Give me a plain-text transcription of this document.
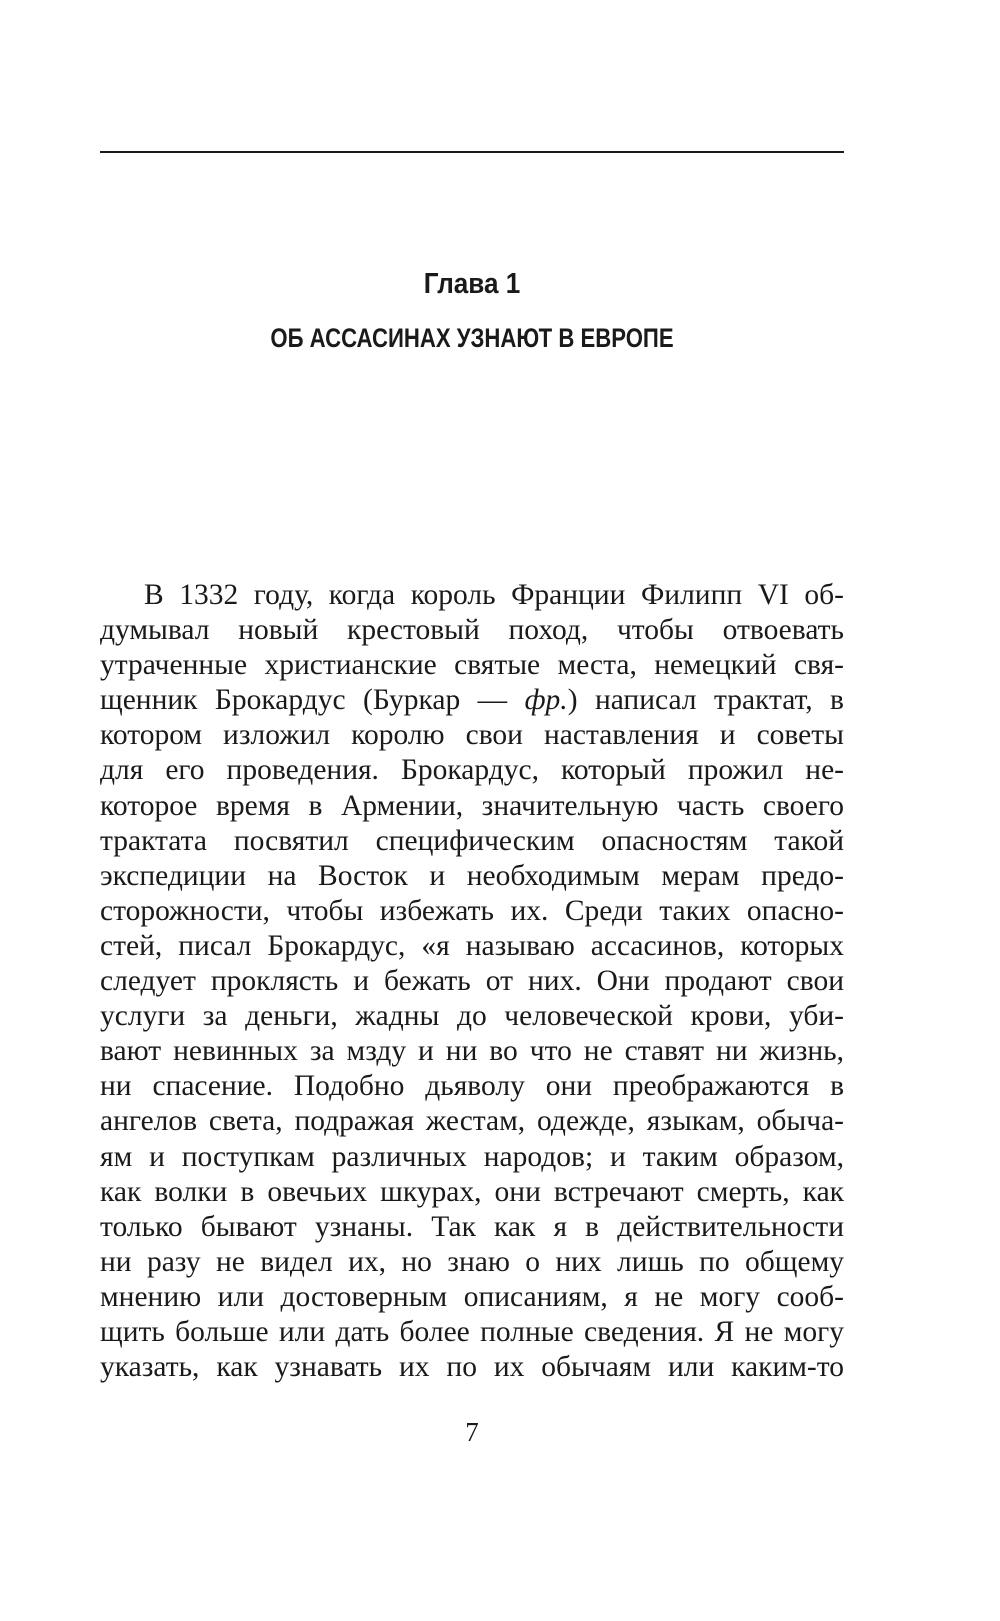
Глава 1
ОБ АССАСИНАХ УЗНАЮТ В ЕВРОПЕ
В 1332 году, когда король Франции Филипп VI об-
думывал новый крестовый поход, чтобы отвоевать
утраченные христианские святые места, немецкий свя-
щенник Брокардус (Буркар — фр.) написал трактат, в
котором изложил королю свои наставления и советы
для его проведения. Брокардус, который прожил не-
которое время в Армении, значительную часть своего
трактата посвятил специфическим опасностям такой
экспедиции на Восток и необходимым мерам предо-
сторожности, чтобы избежать их. Среди таких опасно-
стей, писал Брокардус, «я называю ассасинов, которых
следует проклясть и бежать от них. Они продают свои
услуги за деньги, жадны до человеческой крови, уби-
вают невинных за мзду и ни во что не ставят ни жизнь,
ни спасение. Подобно дьяволу они преображаются в
ангелов света, подражая жестам, одежде, языкам, обыча-
ям и поступкам различных народов; и таким образом,
как волки в овечьих шкурах, они встречают смерть, как
только бывают узнаны. Так как я в действительности
ни разу не видел их, но знаю о них лишь по общему
мнению или достоверным описаниям, я не могу сооб-
щить больше или дать более полные сведения. Я не могу
указать, как узнавать их по их обычаям или каким-то
7
